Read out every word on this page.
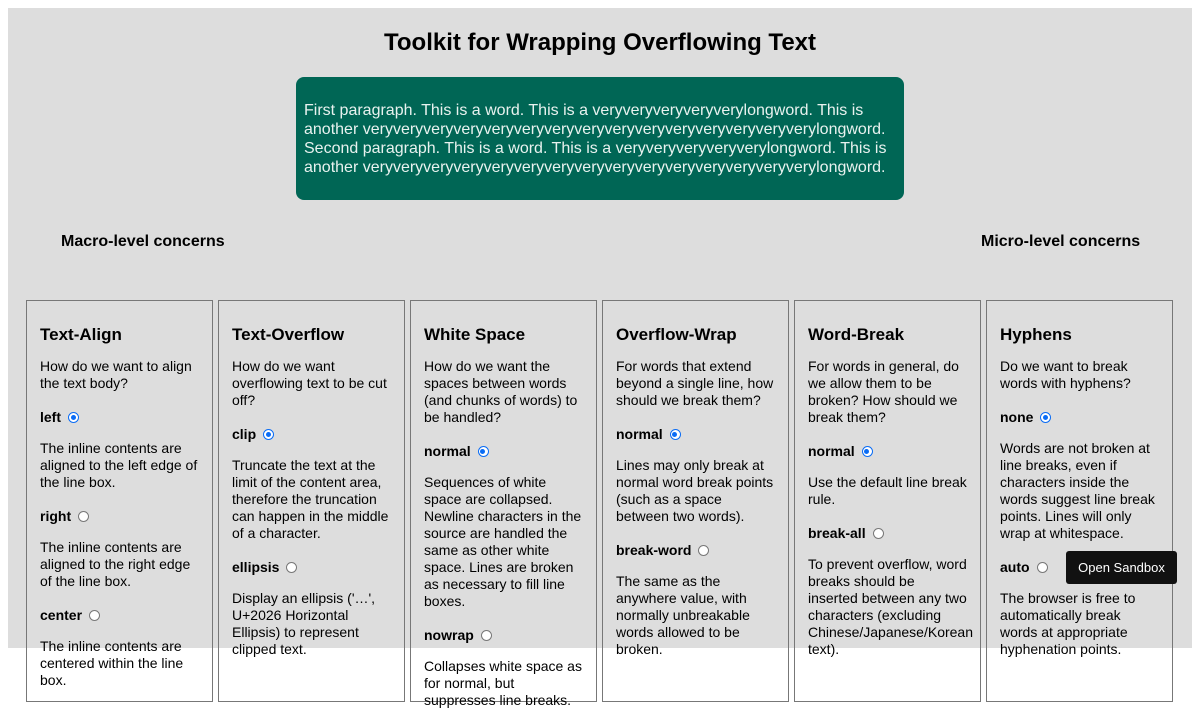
Toolkit for Wrapping Overflowing Text

First paragraph. This is a word. This is a veryveryveryveryverylongword. This is another veryveryveryveryveryveryveryveryveryveryveryveryveryveryverylongword.

Second paragraph. This is a word. This is a veryveryveryveryverylongword. This is another veryveryveryveryveryveryveryveryveryveryveryveryveryveryverylongword.

Macro-level concerns	Micro-level concerns
Text-Align
How do we want to align the text body?
left
The inline contents are aligned to the left edge of the line box.
right
The inline contents are aligned to the right edge of the line box.
center
The inline contents are centered within the line box.
Text-Overflow
How do we want overflowing text to be cut off?
clip
Truncate the text at the limit of the content area, therefore the truncation can happen in the middle of a character.
ellipsis
Display an ellipsis ('…', U+2026 Horizontal Ellipsis) to represent clipped text.
White Space
How do we want the spaces between words (and chunks of words) to be handled?
normal
Sequences of white space are collapsed. Newline characters in the source are handled the same as other white space. Lines are broken as necessary to fill line boxes.
nowrap
Collapses white space as for normal, but suppresses line breaks.
Overflow-Wrap
For words that extend beyond a single line, how should we break them?
normal
Lines may only break at normal word break points (such as a space between two words).
break-word
The same as the anywhere value, with normally unbreakable words allowed to be broken.
Word-Break
For words in general, do we allow them to be broken? How should we break them?
normal
Use the default line break rule.
break-all
To prevent overflow, word breaks should be inserted between any two characters (excluding Chinese/Japanese/Korean text).
Hyphens
Do we want to break words with hyphens?
none
Words are not broken at line breaks, even if characters inside the words suggest line break points. Lines will only wrap at whitespace.
auto	Open Sandbox
The browser is free to automatically break words at appropriate hyphenation points.
